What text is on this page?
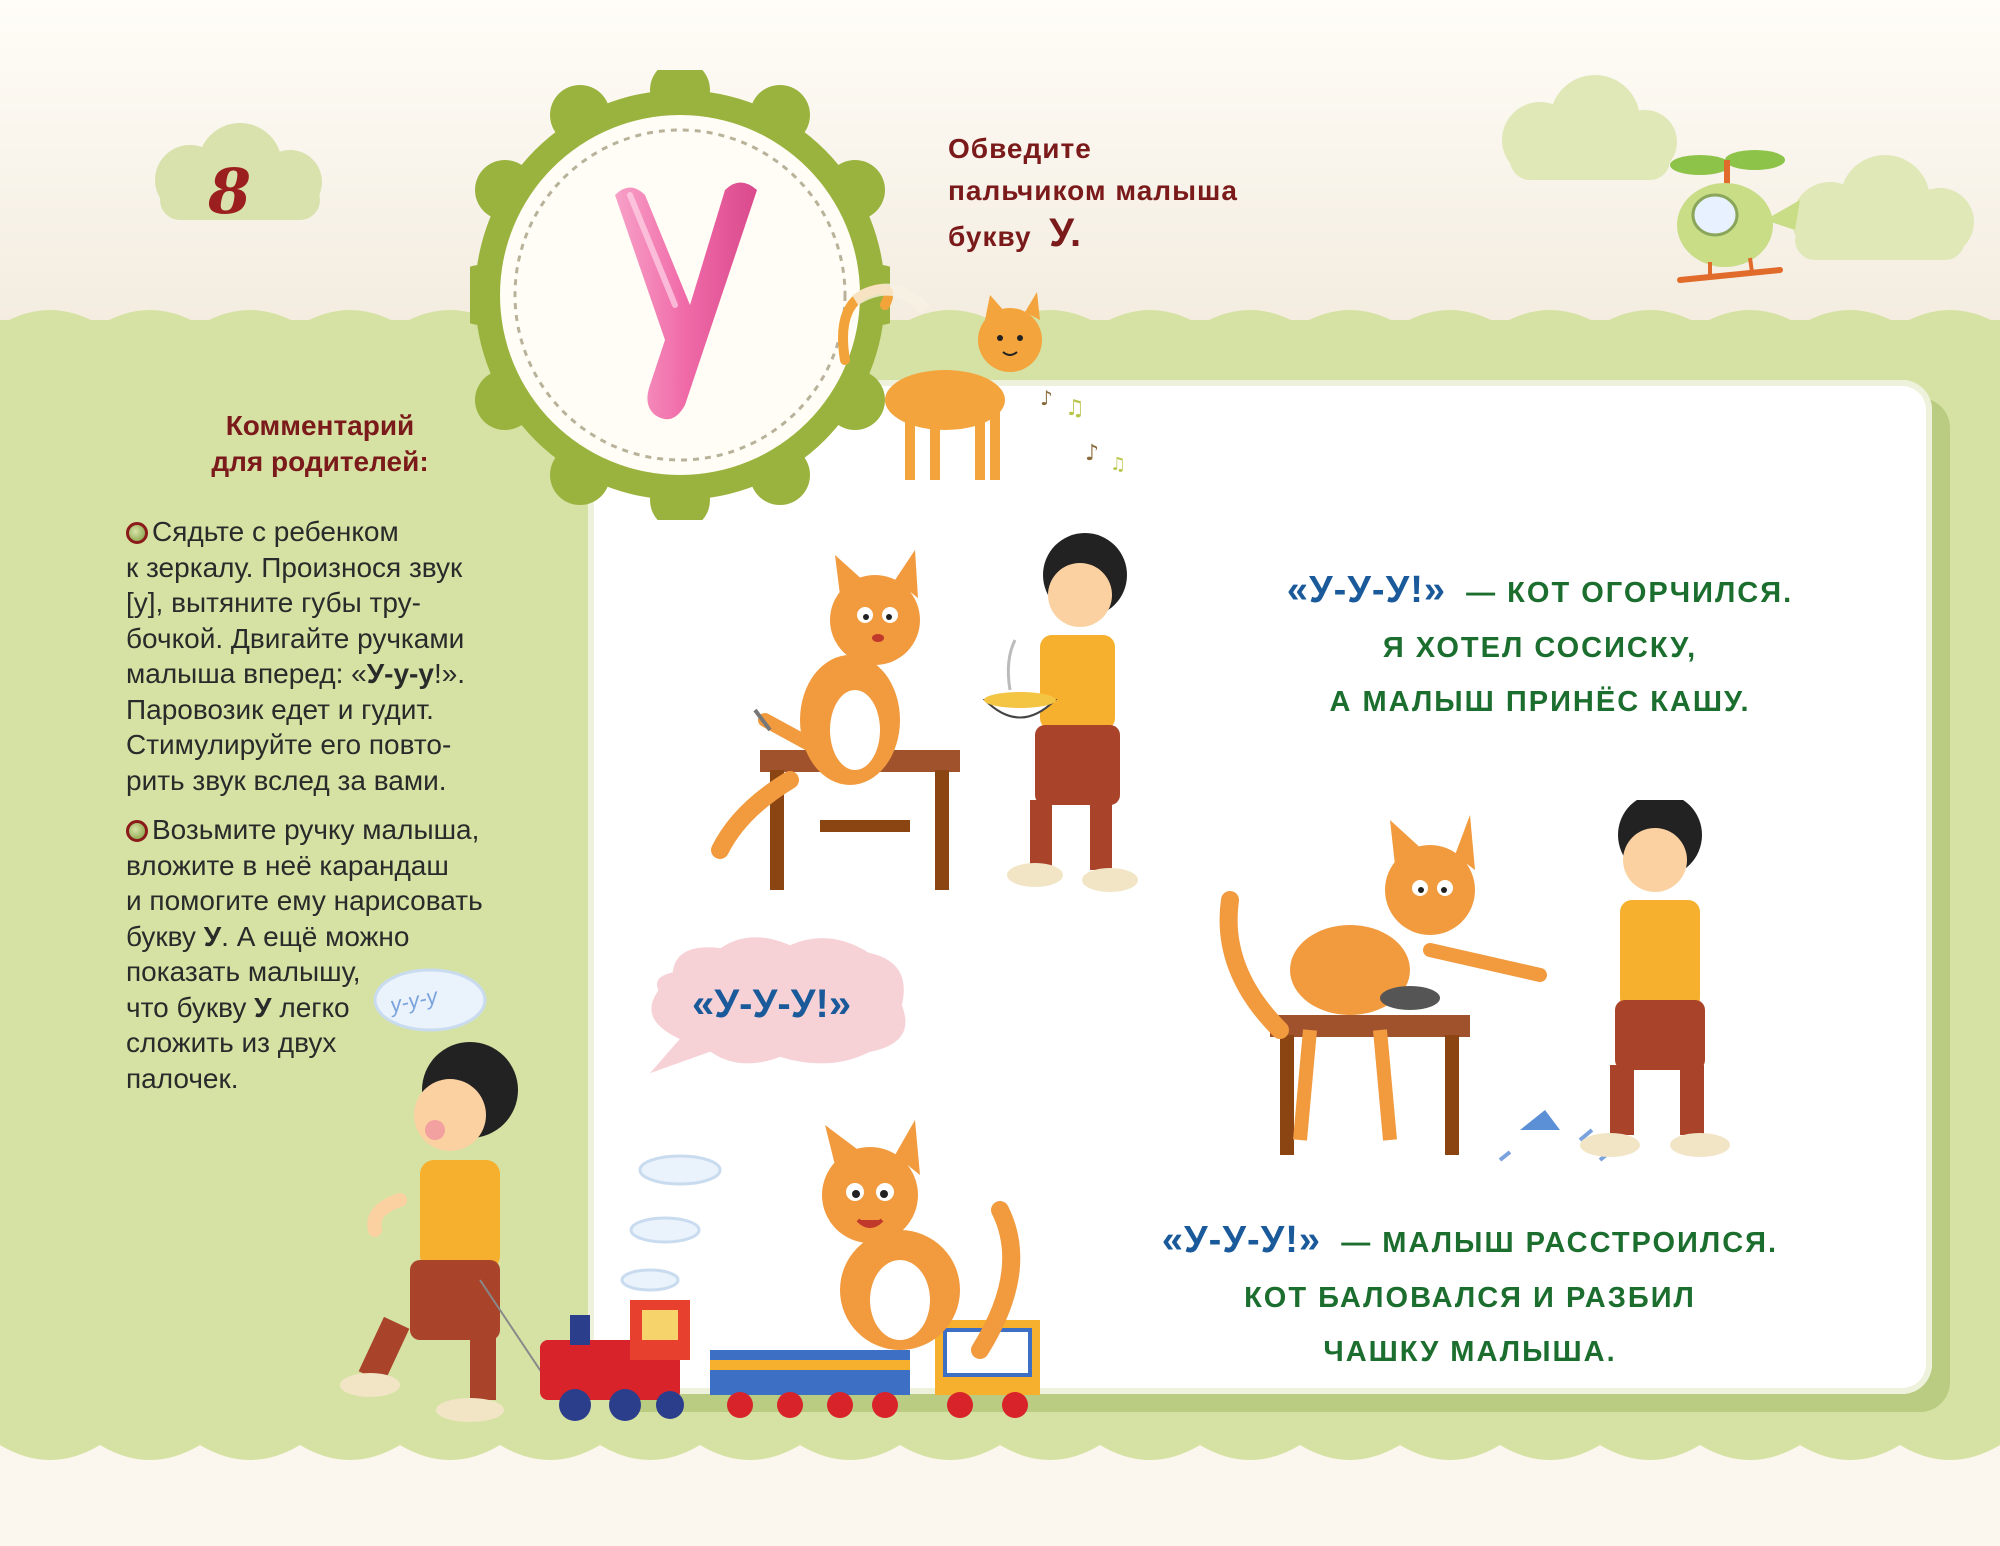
♪ ♫
♪ ♫
8
Обведите
пальчиком малыша
букву У.
Комментарий
для родителей:
Сядьте с ребенком
к зеркалу. Произнося звук
[у], вытяните губы тру-
бочкой. Двигайте ручками
малыша вперед: «У-у-у!».
Паровозик едет и гудит.
Стимулируйте его повто-
рить звук вслед за вами.
Возьмите ручку малыша,
вложите в неё карандаш
и помогите ему нарисовать
букву У. А ещё можно
показать малышу,
что букву У легко
сложить из двух
палочек.
«У-У-У!» — КОТ ОГОРЧИЛСЯ.
Я ХОТЕЛ СОСИСКУ,
А МАЛЫШ ПРИНЁС КАШУ.
«У-У-У!» — МАЛЫШ РАССТРОИЛСЯ.
КОТ БАЛОВАЛСЯ И РАЗБИЛ
ЧАШКУ МАЛЫША.
«У-У-У!»
у-у-у
